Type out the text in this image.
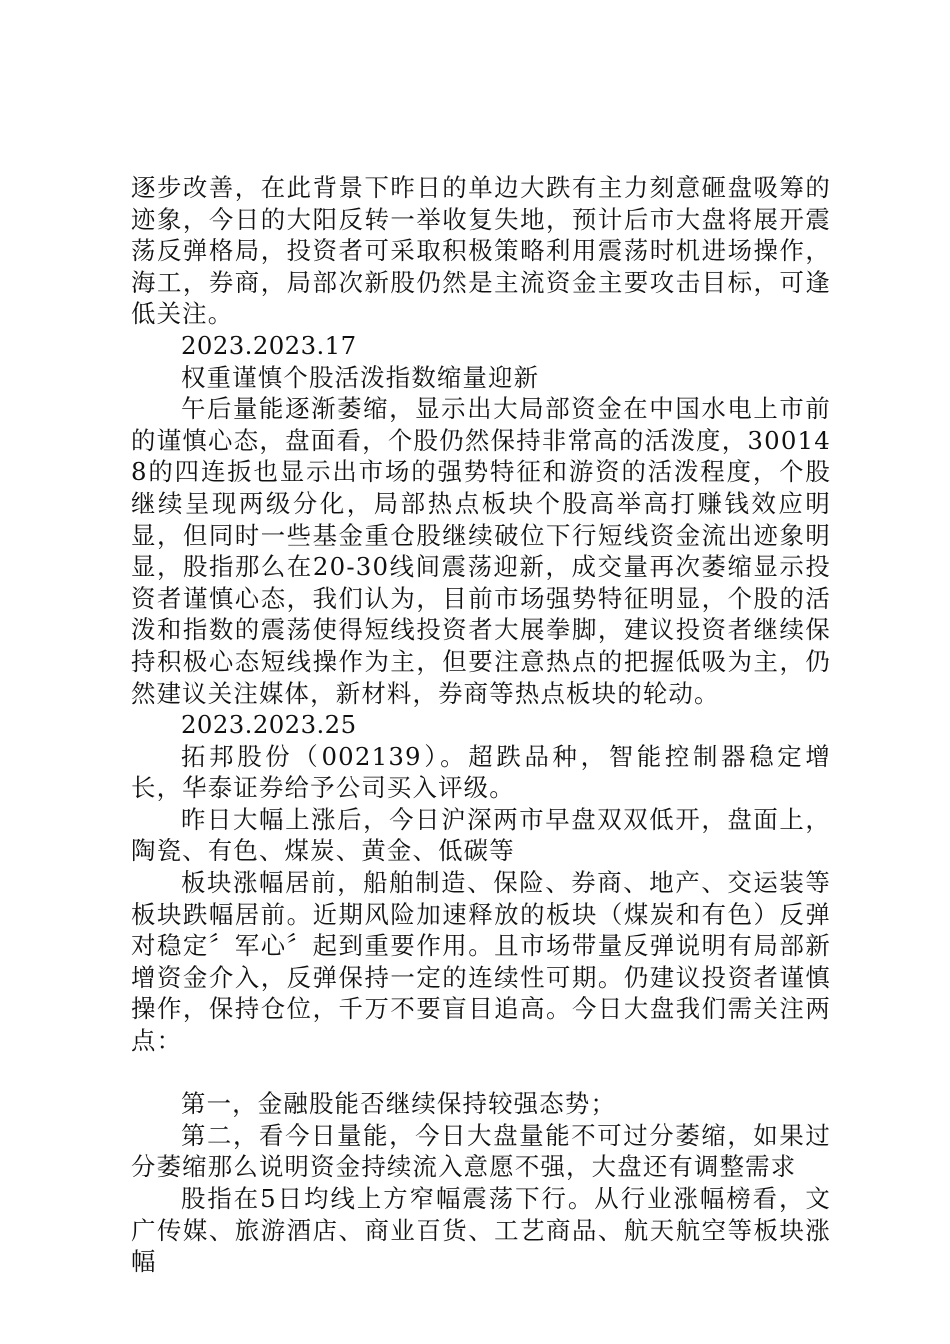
逐步改善，在此背景下昨日的单边大跌有主力刻意砸盘吸筹的迹象，今日的大阳反转一举收复失地，预计后市大盘将展开震荡反弹格局，投资者可采取积极策略利用震荡时机进场操作，海工，券商，局部次新股仍然是主流资金主要攻击目标，可逢低关注。

2023.2023.17

权重谨慎个股活泼指数缩量迎新

午后量能逐渐萎缩，显示出大局部资金在中国水电上市前的谨慎心态，盘面看，个股仍然保持非常高的活泼度，300148的四连扳也显示出市场的强势特征和游资的活泼程度，个股继续呈现两级分化，局部热点板块个股高举高打赚钱效应明显，但同时一些基金重仓股继续破位下行短线资金流出迹象明显，股指那么在20-30线间震荡迎新，成交量再次萎缩显示投资者谨慎心态，我们认为，目前市场强势特征明显，个股的活泼和指数的震荡使得短线投资者大展拳脚，建议投资者继续保持积极心态短线操作为主，但要注意热点的把握低吸为主，仍然建议关注媒体，新材料，券商等热点板块的轮动。

2023.2023.25

拓邦股份（002139）。超跌品种，智能控制器稳定增长，华泰证券给予公司买入评级。

昨日大幅上涨后，今日沪深两市早盘双双低开，盘面上，陶瓷、有色、煤炭、黄金、低碳等

板块涨幅居前，船舶制造、保险、券商、地产、交运装等板块跌幅居前。近期风险加速释放的板块（煤炭和有色）反弹对稳定〞军心〞起到重要作用。且市场带量反弹说明有局部新增资金介入，反弹保持一定的连续性可期。仍建议投资者谨慎操作，保持仓位，千万不要盲目追高。今日大盘我们需关注两点：

第一，金融股能否继续保持较强态势；

第二，看今日量能，今日大盘量能不可过分萎缩，如果过分萎缩那么说明资金持续流入意愿不强，大盘还有调整需求

股指在5日均线上方窄幅震荡下行。从行业涨幅榜看，文广传媒、旅游酒店、商业百货、工艺商品、航天航空等板块涨幅
